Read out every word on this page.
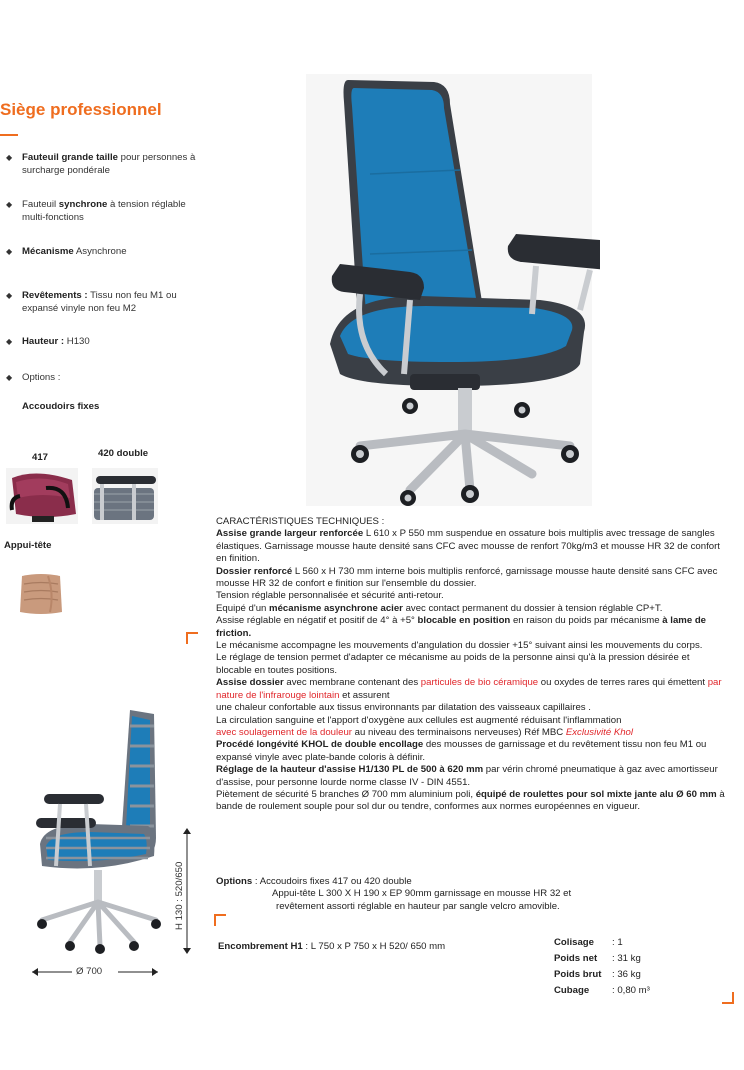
Siège professionnel
◆ Fauteuil grande taille pour personnes à surcharge pondérale
◆ Fauteuil synchrone à tension réglable multi-fonctions
◆ Mécanisme Asynchrone
◆ Revêtements : Tissu non feu M1 ou expansé vinyle non feu M2
◆ Hauteur : H130
◆ Options :
Accoudoirs fixes
417	420 double
Appui-tête
H 130 : 520/650
Ø 700

CARACTÉRISTIQUES TECHNIQUES :

Assise grande largeur renforcée L 610 x P 550 mm suspendue en ossature bois multiplis avec tressage de sangles élastiques. Garnissage mousse haute densité sans CFC avec mousse de renfort 70kg/m3 et mousse HR 32 de confort en finition.

Dossier renforcé L 560 x H 730 mm interne bois multiplis renforcé, garnissage mousse haute densité sans CFC avec mousse HR 32 de confort e finition sur l'ensemble du dossier.

Tension réglable personnalisée et sécurité anti-retour.

Equipé d'un mécanisme asynchrone acier avec contact permanent du dossier à tension réglable CP+T.

Assise réglable en négatif et positif de 4° à +5° blocable en position en raison du poids par mécanisme à lame de friction.

Le mécanisme accompagne les mouvements d'angulation du dossier +15° suivant ainsi les mouvements du corps.

Le réglage de tension permet d'adapter ce mécanisme au poids de la personne ainsi qu'à la pression désirée et blocable en toutes positions.

Assise dossier avec membrane contenant des particules de bio céramique ou oxydes de terres rares qui émettent par nature de l'infrarouge lointain et assurent

une chaleur confortable aux tissus environnants par dilatation des vaisseaux capillaires .

La circulation sanguine et l'apport d'oxygène aux cellules est augmenté réduisant l'inflammation

avec soulagement de la douleur au niveau des terminaisons nerveuses) Réf MBC Exclusivité Khol

Procédé longévité KHOL de double encollage des mousses de garnissage et du revêtement tissu non feu M1 ou expansé vinyle avec plate-bande coloris à définir.

Réglage de la hauteur d'assise H1/130 PL de 500 à 620 mm par vérin chromé pneumatique à gaz avec amortisseur d'assise, pour personne lourde norme classe IV - DIN 4551.

Piètement de sécurité 5 branches Ø 700 mm aluminium poli, équipé de roulettes pour sol mixte jante alu Ø 60 mm à bande de roulement souple pour sol dur ou tendre, conformes aux normes européennes en vigueur.

Options : Accoudoirs fixes 417 ou 420 double
Appui-tête L 300 X H 190 x EP 90mm garnissage en mousse HR 32 et
revêtement assorti réglable en hauteur par sangle velcro amovible.
Encombrement H1 : L 750 x P 750 x H 520/ 650 mm	Colisage : 1
Poids net : 31 kg
Poids brut : 36 kg
Cubage : 0,80 m³
